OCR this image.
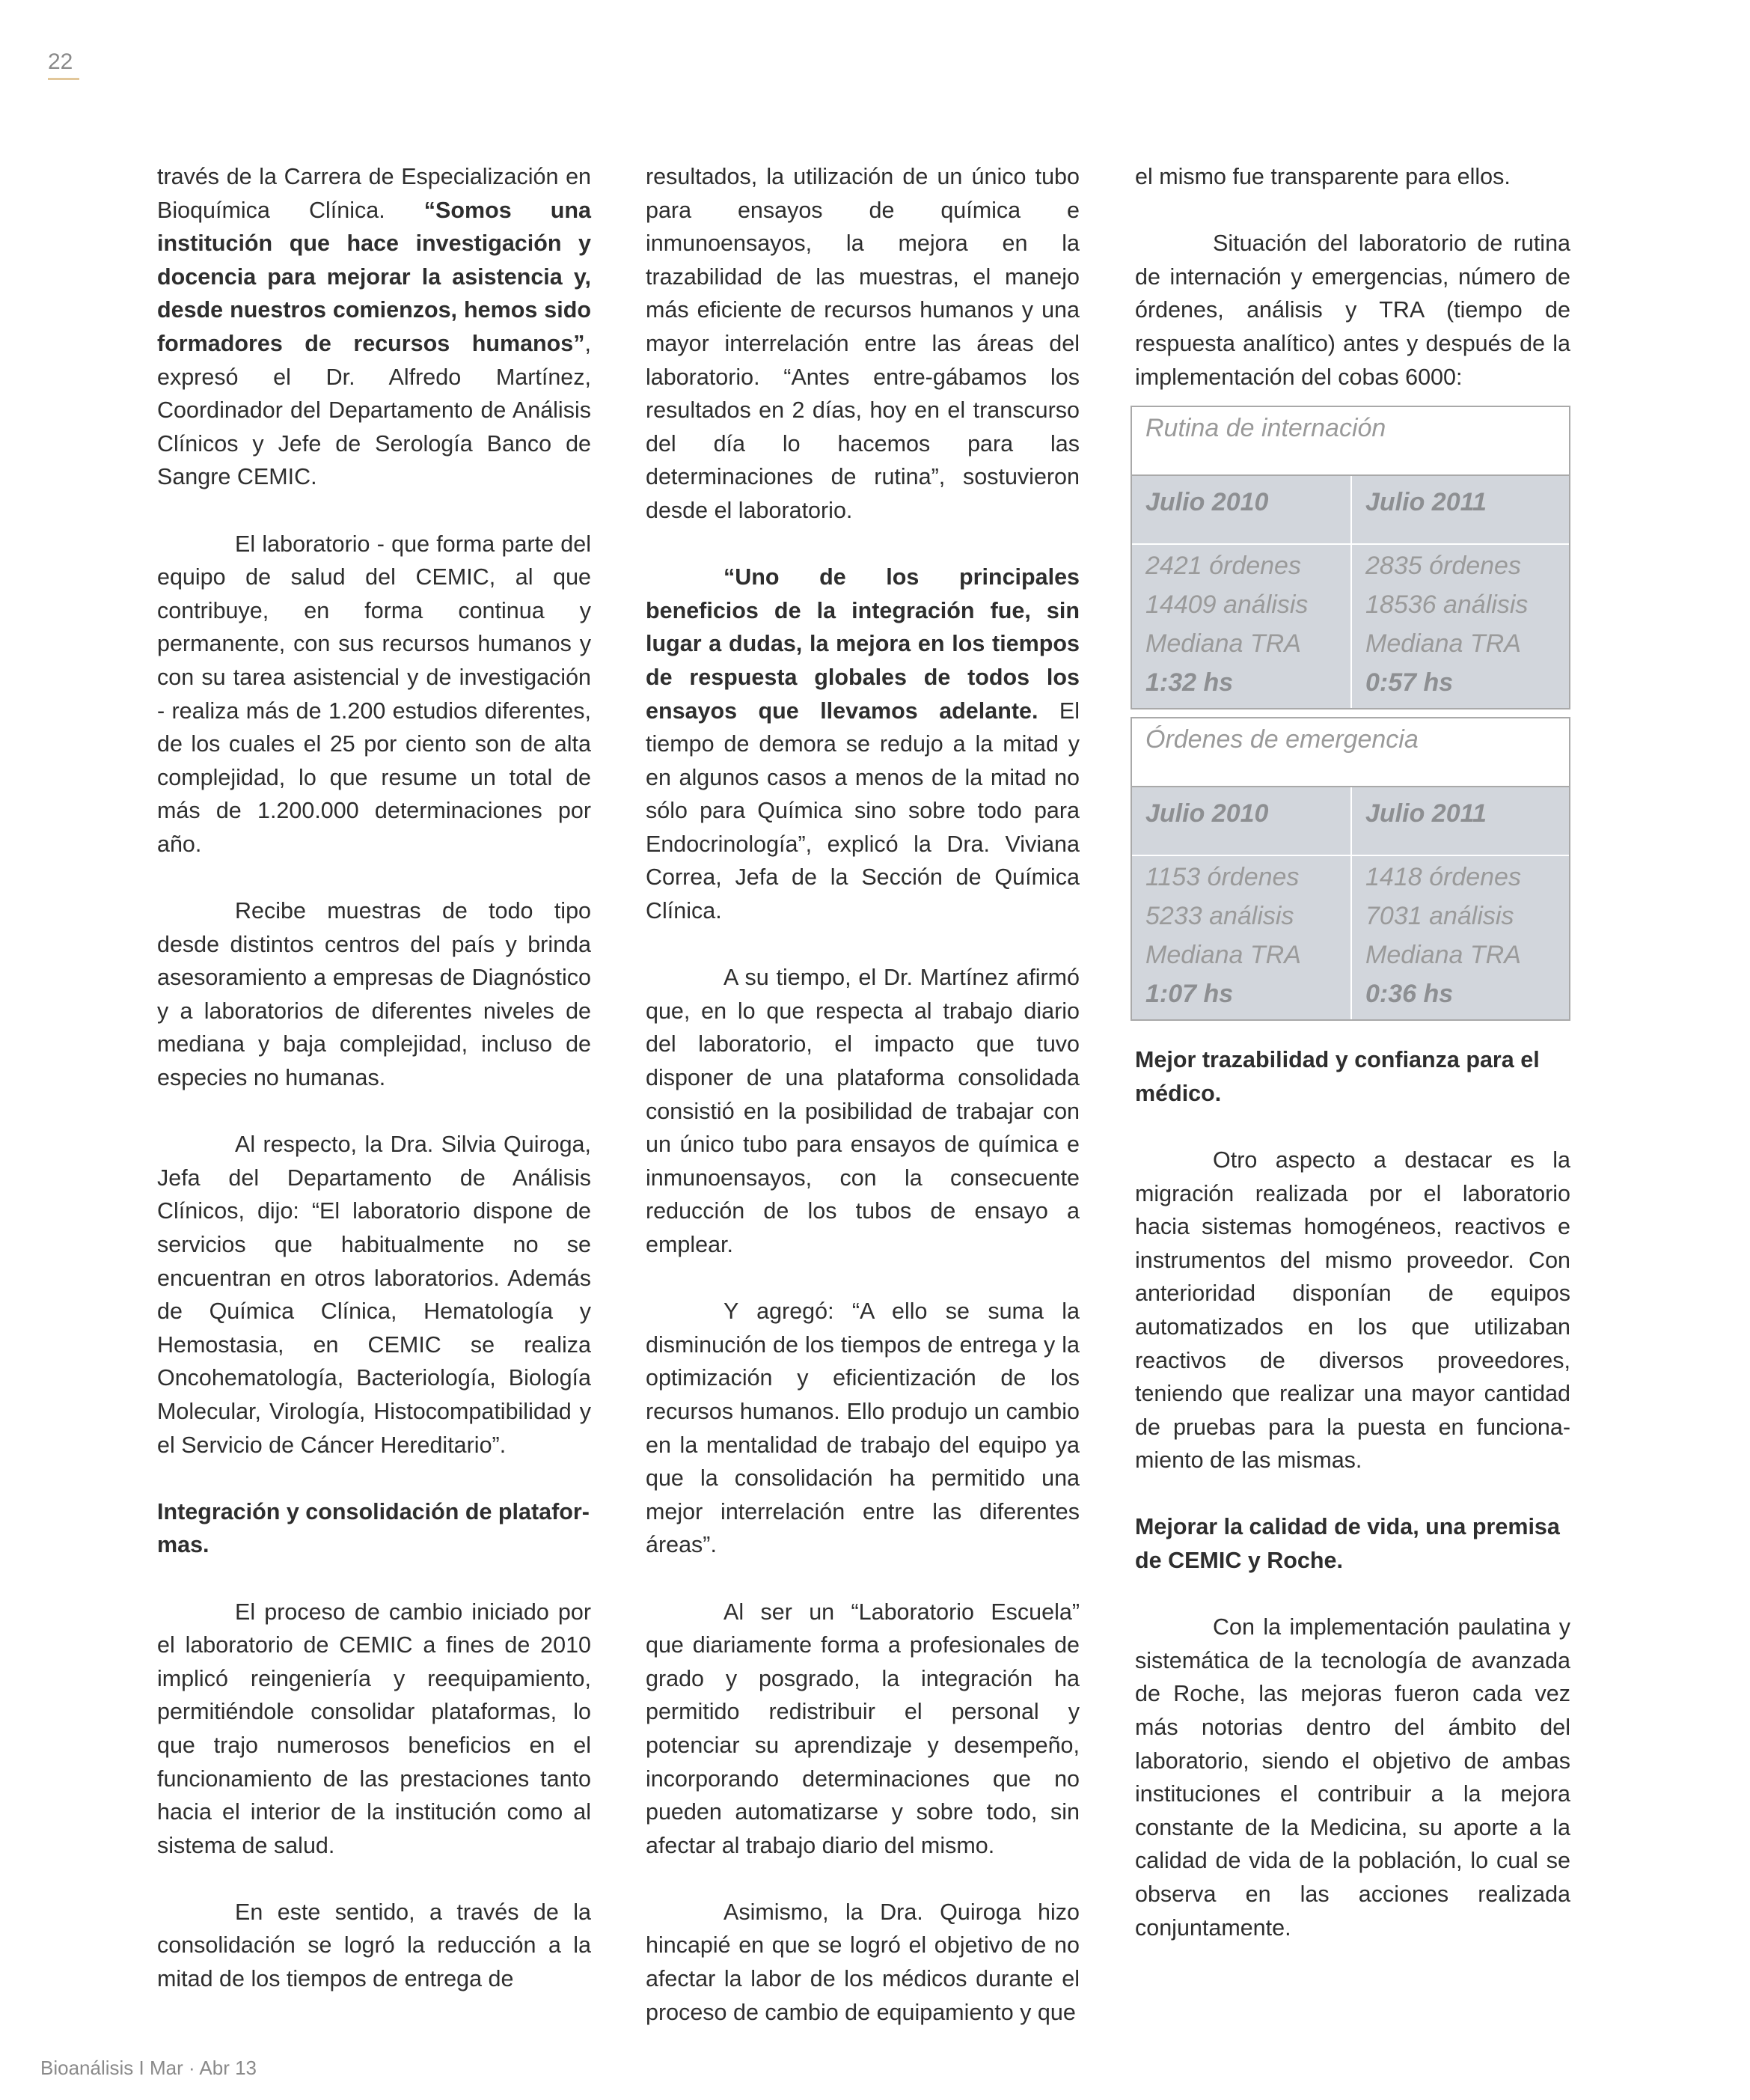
22

través de la Carrera de Especialización en Bioquímica Clínica. “Somos una institución que hace investigación y docencia para mejorar la asistencia y, desde nuestros comienzos, hemos sido formadores de recursos humanos”, expresó el Dr. Alfredo Martínez, Coordinador del Departamento de Análisis Clínicos y Jefe de Serología Banco de Sangre CEMIC.

El laboratorio - que forma parte del equipo de salud del CEMIC, al que contribuye, en forma continua y permanente, con sus recursos humanos y con su tarea asistencial y de investigación - realiza más de 1.200 estudios diferentes, de los cuales el 25 por ciento son de alta complejidad, lo que resume un total de más de 1.200.000 determinaciones por año.

Recibe muestras de todo tipo desde distintos centros del país y brinda asesoramiento a empresas de Diagnóstico y a laboratorios de diferentes niveles de mediana y baja complejidad, incluso de especies no humanas.

Al respecto, la Dra. Silvia Quiroga, Jefa del Departamento de Análisis Clínicos, dijo: “El laboratorio dispone de servicios que habitualmente no se encuentran en otros laboratorios. Además de Química Clínica, Hematología y Hemostasia, en CEMIC se realiza Oncohematología, Bacteriología, Biología Molecular, Virología, Histocompatibilidad y el Servicio de Cáncer Hereditario”.

Integración y consolidación de platafor-mas.

El proceso de cambio iniciado por el laboratorio de CEMIC a fines de 2010 implicó reingeniería y reequipamiento, permitiéndole consolidar plataformas, lo que trajo numerosos beneficios en el funcionamiento de las prestaciones tanto hacia el interior de la institución como al sistema de salud.

En este sentido, a través de la consolidación se logró la reducción a la mitad de los tiempos de entrega de

resultados, la utilización de un único tubo para ensayos de química e inmunoensayos, la mejora en la trazabilidad de las muestras, el manejo más eficiente de recursos humanos y una mayor interrelación entre las áreas del laboratorio. “Antes entre-gábamos los resultados en 2 días, hoy en el transcurso del día lo hacemos para las determinaciones de rutina”, sostuvieron desde el laboratorio.

“Uno de los principales beneficios de la integración fue, sin lugar a dudas, la mejora en los tiempos de respuesta globales de todos los ensayos que llevamos adelante. El tiempo de demora se redujo a la mitad y en algunos casos a menos de la mitad no sólo para Química sino sobre todo para Endocrinología”, explicó la Dra. Viviana Correa, Jefa de la Sección de Química Clínica.

A su tiempo, el Dr. Martínez afirmó que, en lo que respecta al trabajo diario del laboratorio, el impacto que tuvo disponer de una plataforma consolidada consistió en la posibilidad de trabajar con un único tubo para ensayos de química e inmunoensayos, con la consecuente reducción de los tubos de ensayo a emplear.

Y agregó: “A ello se suma la disminución de los tiempos de entrega y la optimización y eficientización de los recursos humanos. Ello produjo un cambio en la mentalidad de trabajo del equipo ya que la consolidación ha permitido una mejor interrelación entre las diferentes áreas”.

Al ser un “Laboratorio Escuela” que diariamente forma a profesionales de grado y posgrado, la integración ha permitido redistribuir el personal y potenciar su aprendizaje y desempeño, incorporando determinaciones que no pueden automatizarse y sobre todo, sin afectar al trabajo diario del mismo.

Asimismo, la Dra. Quiroga hizo hincapié en que se logró el objetivo de no afectar la labor de los médicos durante el proceso de cambio de equipamiento y que

el mismo fue transparente para ellos.

Situación del laboratorio de rutina de internación y emergencias, número de órdenes, análisis y TRA (tiempo de respuesta analítico) antes y después de la implementación del cobas 6000:

Rutina de internación
Julio 2010	Julio 2011
2421 órdenes
14409 análisis
Mediana TRA
1:32 hs
2835 órdenes
18536 análisis
Mediana TRA
0:57 hs
Órdenes de emergencia
Julio 2010	Julio 2011
1153 órdenes
5233 análisis
Mediana TRA
1:07 hs
1418 órdenes
7031 análisis
Mediana TRA
0:36 hs

Mejor trazabilidad y confianza para el médico.

Otro aspecto a destacar es la migración realizada por el laboratorio hacia sistemas homogéneos, reactivos e instrumentos del mismo proveedor. Con anterioridad disponían de equipos automatizados en los que utilizaban reactivos de diversos proveedores, teniendo que realizar una mayor cantidad de pruebas para la puesta en funciona-miento de las mismas.

Mejorar la calidad de vida, una premisa de CEMIC y Roche.

Con la implementación paulatina y sistemática de la tecnología de avanzada de Roche, las mejoras fueron cada vez más notorias dentro del ámbito del laboratorio, siendo el objetivo de ambas instituciones el contribuir a la mejora constante de la Medicina, su aporte a la calidad de vida de la población, lo cual se observa en las acciones realizada conjuntamente.

Bioanálisis I Mar · Abr 13
